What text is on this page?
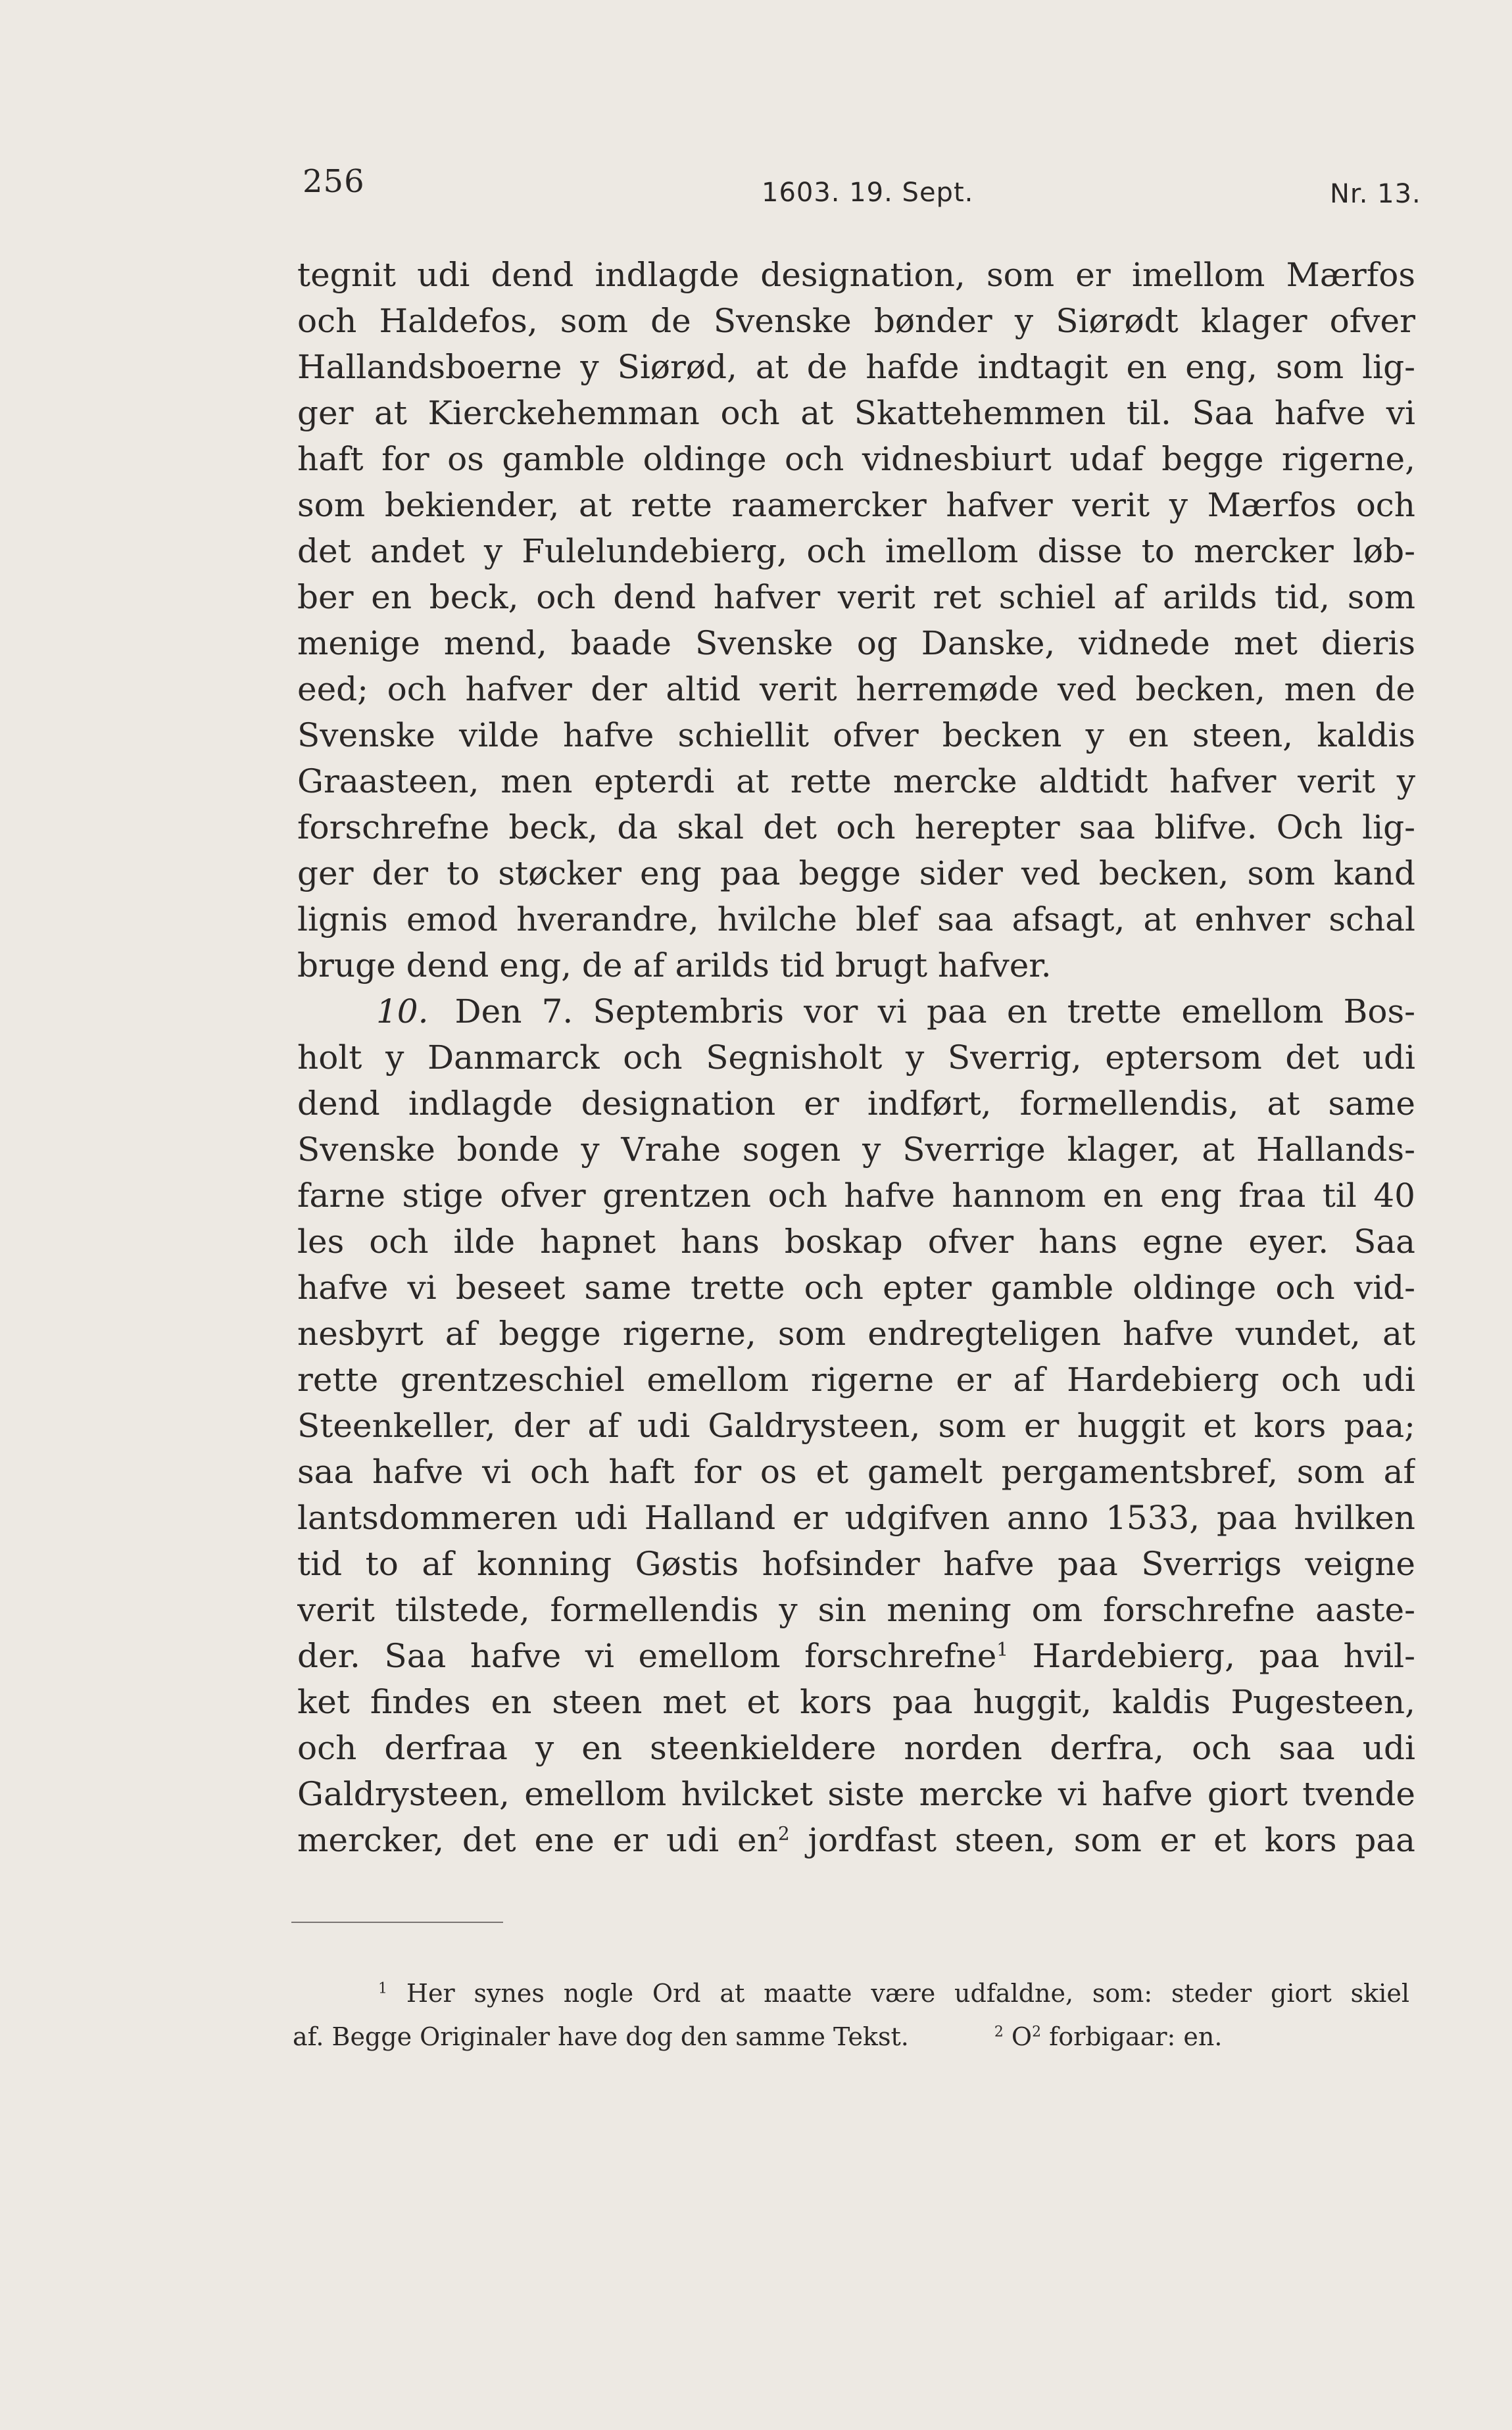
256	1603. 19. Sept.	Nr. 13.
tegnit udi dend indlagde designation, som er imellom Mærfos
och Haldefos, som de Svenske bønder y Siørødt klager ofver
Hallandsboerne y Siørød, at de hafde indtagit en eng, som lig-
ger at Kierckehemman och at Skattehemmen til. Saa hafve vi
haft for os gamble oldinge och vidnesbiurt udaf begge rigerne,
som bekiender, at rette raamercker hafver verit y Mærfos och
det andet y Fulelundebierg, och imellom disse to mercker løb-
ber en beck, och dend hafver verit ret schiel af arilds tid, som
menige mend, baade Svenske og Danske, vidnede met dieris
eed; och hafver der altid verit herremøde ved becken, men de
Svenske vilde hafve schiellit ofver becken y en steen, kaldis
Graasteen, men epterdi at rette mercke aldtidt hafver verit y
forschrefne beck, da skal det och herepter saa blifve. Och lig-
ger der to støcker eng paa begge sider ved becken, som kand
lignis emod hverandre, hvilche blef saa afsagt, at enhver schal
bruge dend eng, de af arilds tid brugt hafver.
10. Den 7. Septembris vor vi paa en trette emellom Bos-
holt y Danmarck och Segnisholt y Sverrig, eptersom det udi
dend indlagde designation er indført, formellendis, at same
Svenske bonde y Vrahe sogen y Sverrige klager, at Hallands-
farne stige ofver grentzen och hafve hannom en eng fraa til 40
les och ilde hapnet hans boskap ofver hans egne eyer. Saa
hafve vi beseet same trette och epter gamble oldinge och vid-
nesbyrt af begge rigerne, som endregteligen hafve vundet, at
rette grentzeschiel emellom rigerne er af Hardebierg och udi
Steenkeller, der af udi Galdrysteen, som er huggit et kors paa;
saa hafve vi och haft for os et gamelt pergamentsbref, som af
lantsdommeren udi Halland er udgifven anno 1533, paa hvilken
tid to af konning Gøstis hofsinder hafve paa Sverrigs veigne
verit tilstede, formellendis y sin mening om forschrefne aaste-
der. Saa hafve vi emellom forschrefne$^1$ Hardebierg, paa hvil-
ket findes en steen met et kors paa huggit, kaldis Pugesteen,
och derfraa y en steenkieldere norden derfra, och saa udi
Galdrysteen, emellom hvilcket siste mercke vi hafve giort tvende
mercker, det ene er udi $en^2$ jordfast steen, som er et kors paa
$^1$ Her synes nogle Ord at maatte være udfaldne, som: steder giort skiel
af. Begge Originaler have dog den samme Tekst.	$^2$ $O^2$ forbigaar: en.
